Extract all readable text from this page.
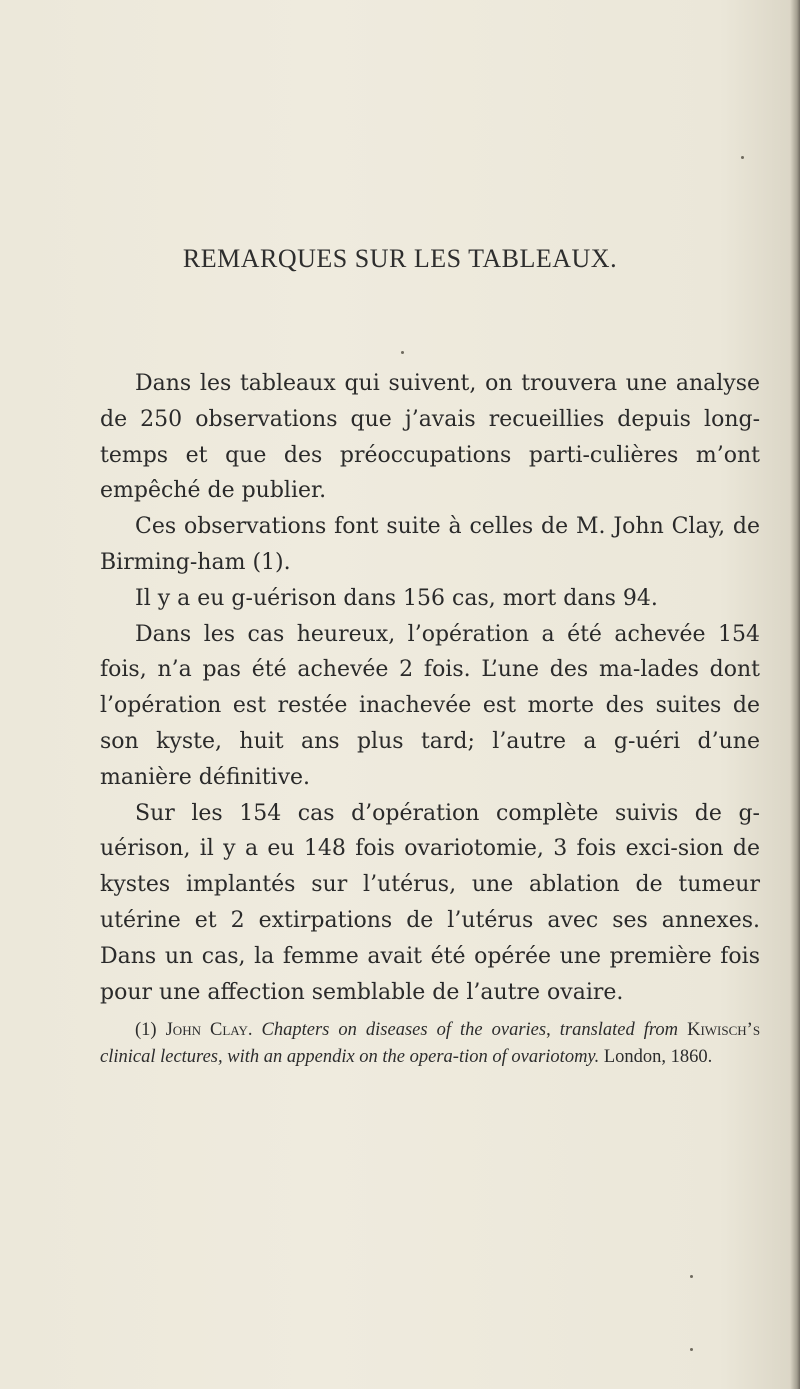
REMARQUES SUR LES TABLEAUX.

Dans les tableaux qui suivent, on trouvera une analyse de 250 observations que j’avais recueillies depuis long-temps et que des préoccupations parti-culières m’ont empêché de publier.

Ces observations font suite à celles de M. John Clay, de Birming-ham (1).

Il y a eu g-uérison dans 156 cas, mort dans 94.

Dans les cas heureux, l’opération a été achevée 154 fois, n’a pas été achevée 2 fois. L’une des ma-lades dont l’opération est restée inachevée est morte des suites de son kyste, huit ans plus tard; l’autre a g-uéri d’une manière définitive.

Sur les 154 cas d’opération complète suivis de g-uérison, il y a eu 148 fois ovariotomie, 3 fois exci-sion de kystes implantés sur l’utérus, une ablation de tumeur utérine et 2 extirpations de l’utérus avec ses annexes. Dans un cas, la femme avait été opérée une première fois pour une affection semblable de l’autre ovaire.

(1) John Clay. Chapters on diseases of the ovaries, translated from Kiwisch’s clinical lectures, with an appendix on the opera-tion of ovariotomy. London, 1860.
